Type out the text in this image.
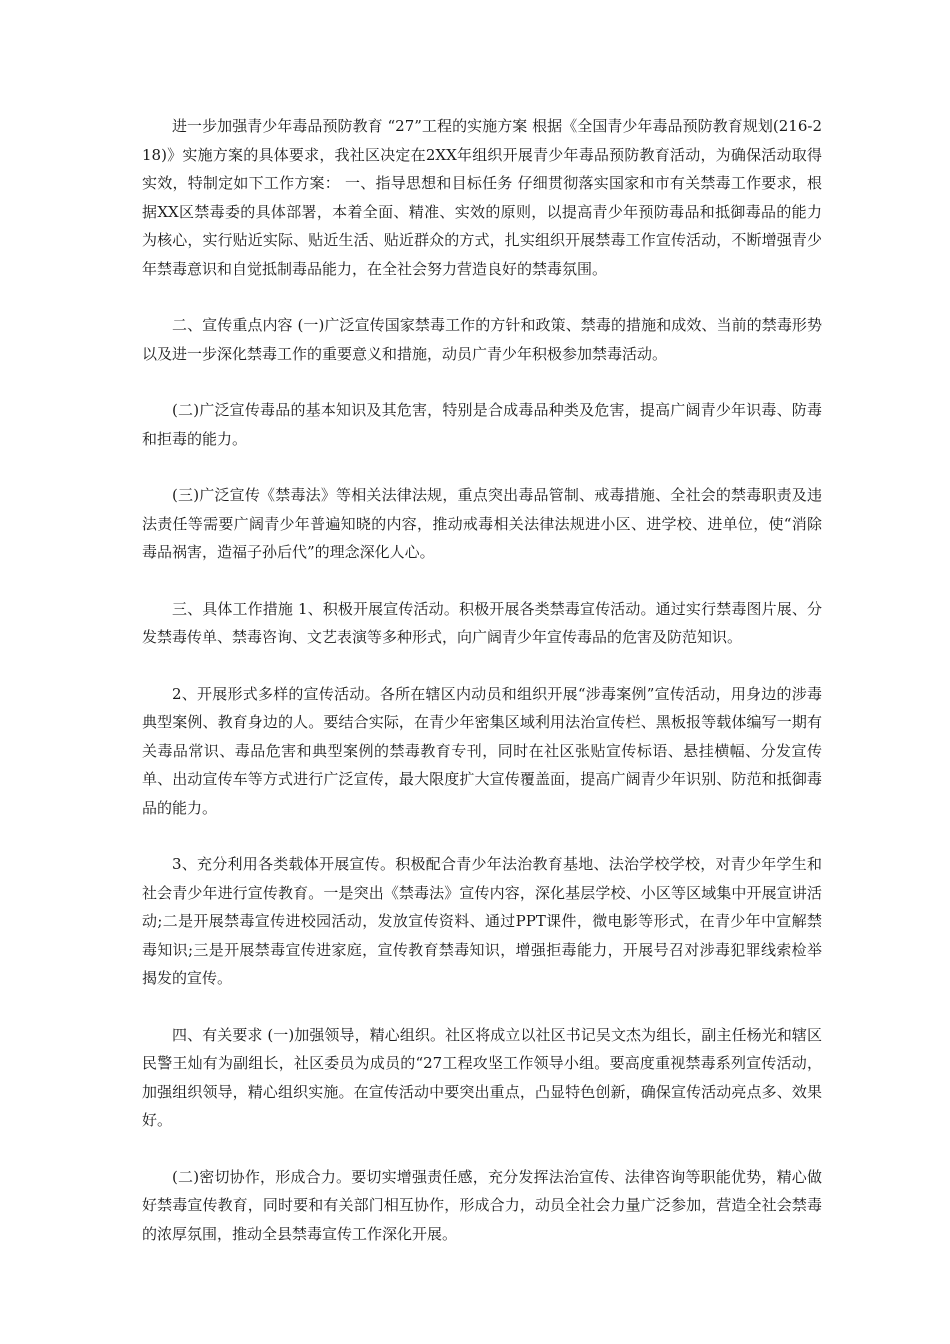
进一步加强青少年毒品预防教育 “27”工程的实施方案 根据《全国青少年毒品预防教育规划(216-218)》实施方案的具体要求，我社区决定在2XX年组织开展青少年毒品预防教育活动，为确保活动取得实效，特制定如下工作方案： 一、指导思想和目标任务 仔细贯彻落实国家和市有关禁毒工作要求，根据XX区禁毒委的具体部署，本着全面、精准、实效的原则，以提高青少年预防毒品和抵御毒品的能力为核心，实行贴近实际、贴近生活、贴近群众的方式，扎实组织开展禁毒工作宣传活动，不断增强青少年禁毒意识和自觉抵制毒品能力，在全社会努力营造良好的禁毒氛围。

二、宣传重点内容 (一)广泛宣传国家禁毒工作的方针和政策、禁毒的措施和成效、当前的禁毒形势以及进一步深化禁毒工作的重要意义和措施，动员广青少年积极参加禁毒活动。

(二)广泛宣传毒品的基本知识及其危害，特别是合成毒品种类及危害，提高广阔青少年识毒、防毒和拒毒的能力。

(三)广泛宣传《禁毒法》等相关法律法规，重点突出毒品管制、戒毒措施、全社会的禁毒职责及违法责任等需要广阔青少年普遍知晓的内容，推动戒毒相关法律法规进小区、进学校、进单位，使“消除毒品祸害，造福子孙后代”的理念深化人心。

三、具体工作措施 1、积极开展宣传活动。积极开展各类禁毒宣传活动。通过实行禁毒图片展、分发禁毒传单、禁毒咨询、文艺表演等多种形式，向广阔青少年宣传毒品的危害及防范知识。

2、开展形式多样的宣传活动。各所在辖区内动员和组织开展“涉毒案例”宣传活动，用身边的涉毒典型案例、教育身边的人。要结合实际，在青少年密集区域利用法治宣传栏、黑板报等载体编写一期有关毒品常识、毒品危害和典型案例的禁毒教育专刊，同时在社区张贴宣传标语、悬挂横幅、分发宣传单、出动宣传车等方式进行广泛宣传，最大限度扩大宣传覆盖面，提高广阔青少年识别、防范和抵御毒品的能力。

3、充分利用各类载体开展宣传。积极配合青少年法治教育基地、法治学校学校，对青少年学生和社会青少年进行宣传教育。一是突出《禁毒法》宣传内容，深化基层学校、小区等区域集中开展宣讲活动;二是开展禁毒宣传进校园活动，发放宣传资料、通过PPT课件，微电影等形式，在青少年中宣解禁毒知识;三是开展禁毒宣传进家庭，宣传教育禁毒知识，增强拒毒能力，开展号召对涉毒犯罪线索检举揭发的宣传。

四、有关要求 (一)加强领导，精心组织。社区将成立以社区书记吴文杰为组长，副主任杨光和辖区民警王灿有为副组长，社区委员为成员的“27工程攻坚工作领导小组。要高度重视禁毒系列宣传活动，加强组织领导，精心组织实施。在宣传活动中要突出重点，凸显特色创新，确保宣传活动亮点多、效果好。

(二)密切协作，形成合力。要切实增强责任感，充分发挥法治宣传、法律咨询等职能优势，精心做好禁毒宣传教育，同时要和有关部门相互协作，形成合力，动员全社会力量广泛参加，营造全社会禁毒的浓厚氛围，推动全县禁毒宣传工作深化开展。
